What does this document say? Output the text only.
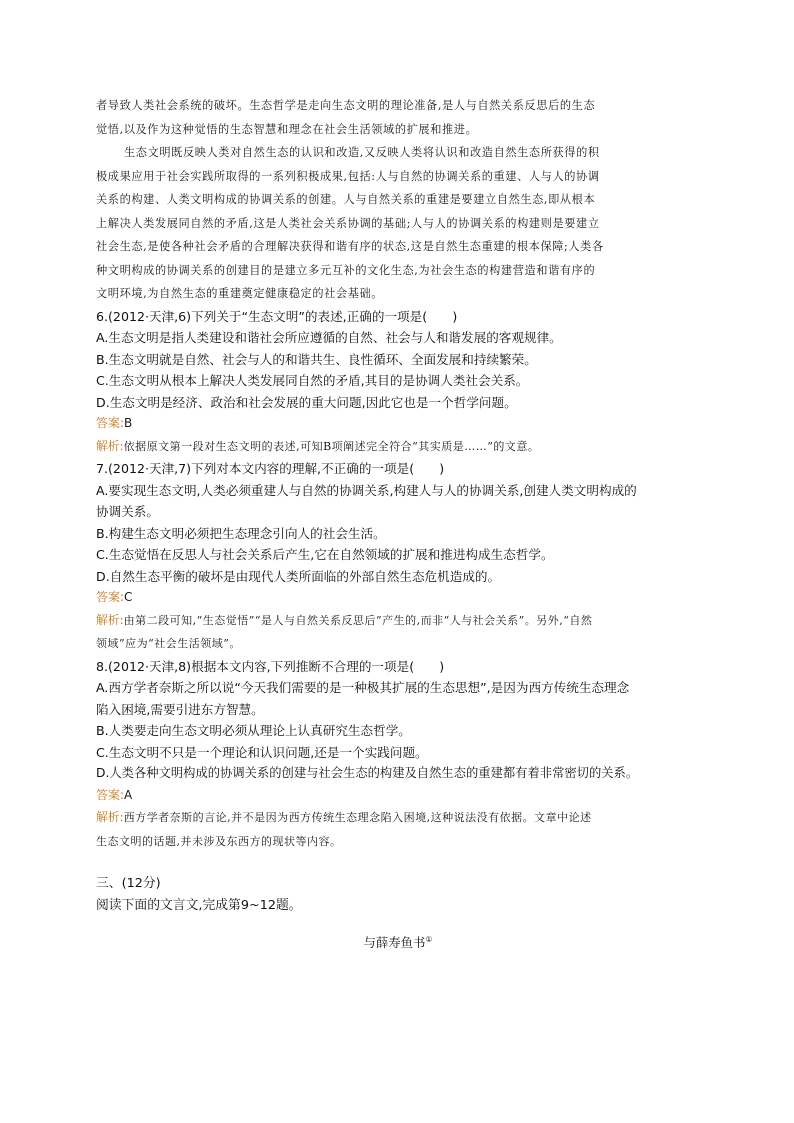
者导致人类社会系统的破坏。生态哲学是走向生态文明的理论准备,是人与自然关系反思后的生态

觉悟,以及作为这种觉悟的生态智慧和理念在社会生活领域的扩展和推进。

生态文明既反映人类对自然生态的认识和改造,又反映人类将认识和改造自然生态所获得的积

极成果应用于社会实践所取得的一系列积极成果,包括:人与自然的协调关系的重建、人与人的协调

关系的构建、人类文明构成的协调关系的创建。人与自然关系的重建是要建立自然生态,即从根本

上解决人类发展同自然的矛盾,这是人类社会关系协调的基础;人与人的协调关系的构建则是要建立

社会生态,是使各种社会矛盾的合理解决获得和谐有序的状态,这是自然生态重建的根本保障;人类各

种文明构成的协调关系的创建目的是建立多元互补的文化生态,为社会生态的构建营造和谐有序的

文明环境,为自然生态的重建奠定健康稳定的社会基础。

6.(2012·天津,6)下列关于“生态文明”的表述,正确的一项是(　　)

A.生态文明是指人类建设和谐社会所应遵循的自然、社会与人和谐发展的客观规律。

B.生态文明就是自然、社会与人的和谐共生、良性循环、全面发展和持续繁荣。

C.生态文明从根本上解决人类发展同自然的矛盾,其目的是协调人类社会关系。

D.生态文明是经济、政治和社会发展的重大问题,因此它也是一个哲学问题。

答案:B

解析:依据原文第一段对生态文明的表述,可知B项阐述完全符合“其实质是……”的文意。

7.(2012·天津,7)下列对本文内容的理解,不正确的一项是(　　)

A.要实现生态文明,人类必须重建人与自然的协调关系,构建人与人的协调关系,创建人类文明构成的

协调关系。

B.构建生态文明必须把生态理念引向人的社会生活。

C.生态觉悟在反思人与社会关系后产生,它在自然领域的扩展和推进构成生态哲学。

D.自然生态平衡的破坏是由现代人类所面临的外部自然生态危机造成的。

答案:C

解析:由第二段可知,“生态觉悟”“是人与自然关系反思后”产生的,而非“人与社会关系”。另外,“自然

领域”应为“社会生活领域”。

8.(2012·天津,8)根据本文内容,下列推断不合理的一项是(　　)

A.西方学者奈斯之所以说“今天我们需要的是一种极其扩展的生态思想”,是因为西方传统生态理念

陷入困境,需要引进东方智慧。

B.人类要走向生态文明必须从理论上认真研究生态哲学。

C.生态文明不只是一个理论和认识问题,还是一个实践问题。

D.人类各种文明构成的协调关系的创建与社会生态的构建及自然生态的重建都有着非常密切的关系。

答案:A

解析:西方学者奈斯的言论,并不是因为西方传统生态理念陷入困境,这种说法没有依据。文章中论述

生态文明的话题,并未涉及东西方的现状等内容。

三、(12分)

阅读下面的文言文,完成第9~12题。

与薛寿鱼书①
